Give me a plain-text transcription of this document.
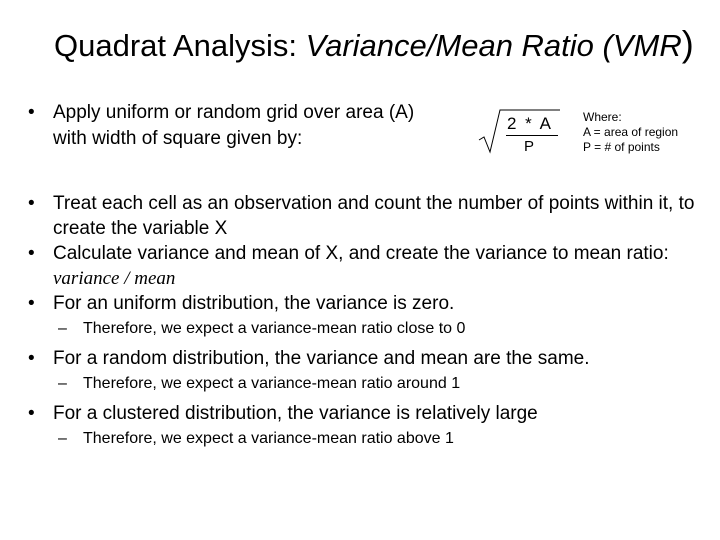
Quadrat Analysis: Variance/Mean Ratio (VMR)
• Apply uniform or random grid over area (A) with width of square given by:
2 * A
P
Where:
A = area of region
P = # of points
• Treat each cell as an observation and count the number of points within it, to create the variable X
• Calculate variance and mean of X, and create the variance to mean ratio: variance / mean
• For an uniform distribution, the variance is zero.
– Therefore, we expect a variance-mean ratio close to 0
• For a random distribution, the variance and mean are the same.
– Therefore, we expect a variance-mean ratio around 1
• For a clustered distribution, the variance is relatively large
– Therefore, we expect a variance-mean ratio above 1
